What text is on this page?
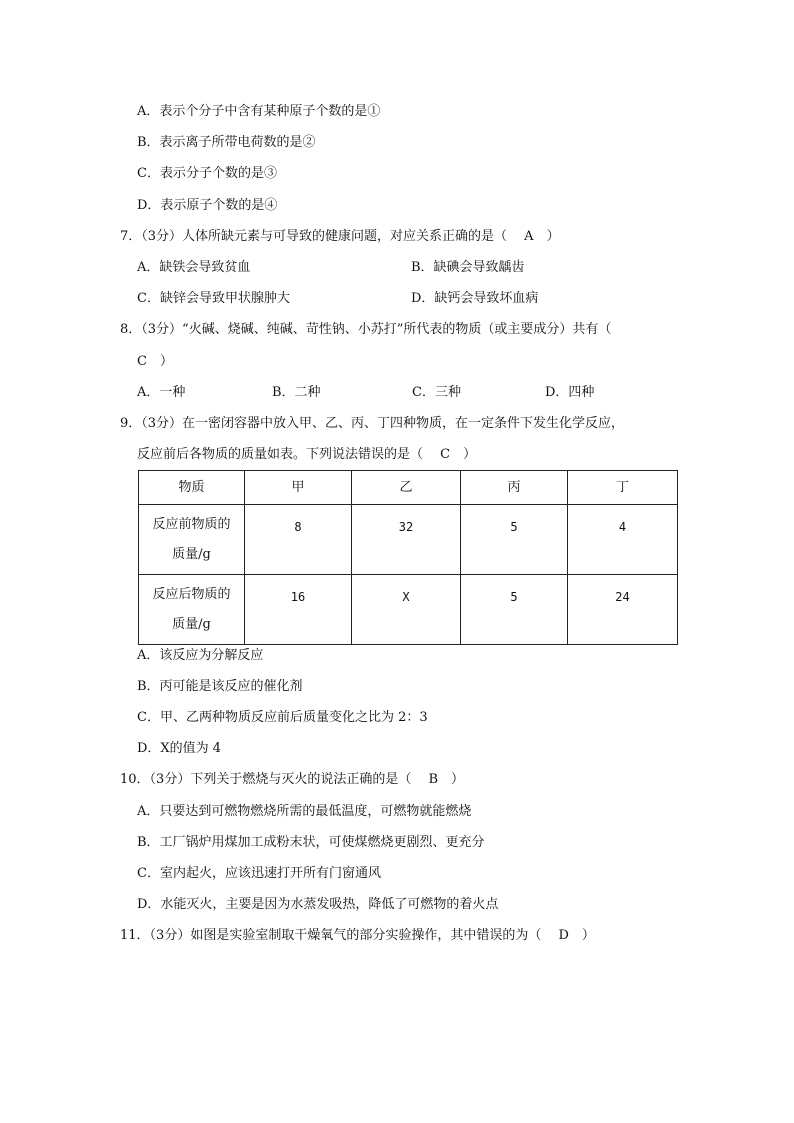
A．表示个分子中含有某种原子个数的是①
B．表示离子所带电荷数的是②
C．表示分子个数的是③
D．表示原子个数的是④
7．（3分）人体所缺元素与可导致的健康问题，对应关系正确的是（　 A　）
A．缺铁会导致贫血	B．缺碘会导致龋齿
C．缺锌会导致甲状腺肿大	D．缺钙会导致坏血病
8．（3分）“火碱、烧碱、纯碱、苛性钠、小苏打”所代表的物质（或主要成分）共有（
C　）
A．一种	B．二种	C．三种	D．四种
9．（3分）在一密闭容器中放入甲、乙、丙、丁四种物质，在一定条件下发生化学反应，
反应前后各物质的质量如表。下列说法错误的是（　 C　）
物质	甲	乙	丙	丁

反应前物质的
质量/g	8	32	5	4

反应后物质的
质量/g	16	X	5	24
A．该反应为分解反应
B．丙可能是该反应的催化剂
C．甲、乙两种物质反应前后质量变化之比为 2：3
D．X的值为 4
10．（3分）下列关于燃烧与灭火的说法正确的是（　 B　）
A．只要达到可燃物燃烧所需的最低温度，可燃物就能燃烧
B．工厂锅炉用煤加工成粉末状，可使煤燃烧更剧烈、更充分
C．室内起火，应该迅速打开所有门窗通风
D．水能灭火，主要是因为水蒸发吸热，降低了可燃物的着火点
11．（3分）如图是实验室制取干燥氧气的部分实验操作，其中错误的为（　 D　）
